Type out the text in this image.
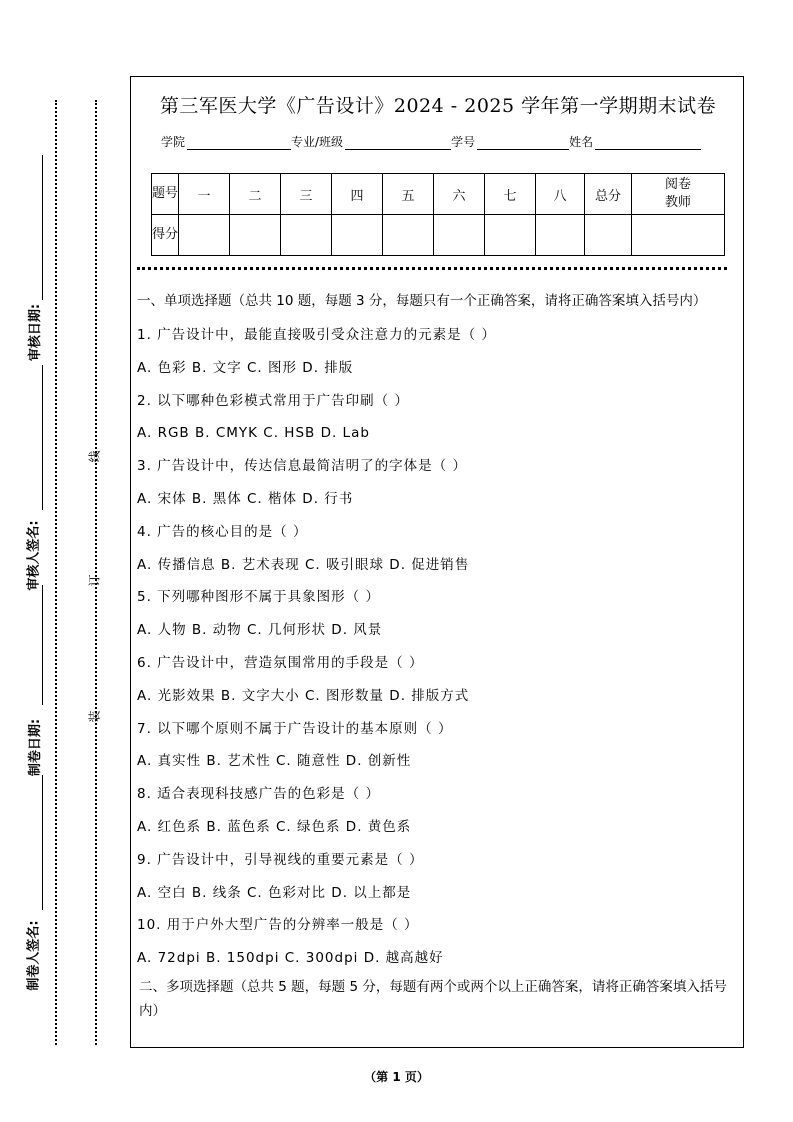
审核日期:
审核人签名:
制卷日期:
制卷人签名:
线
订
装
第三军医大学《广告设计》2024 - 2025 学年第一学期期末试卷
学院	专业/班级	学号	姓名
题号	一	二	三	四	五	六	七	八	总分	阅卷教师
得分										

一、单项选择题（总共 10 题，每题 3 分，每题只有一个正确答案，请将正确答案填入括号内）

1. 广告设计中，最能直接吸引受众注意力的元素是（ ）

A. 色彩 B. 文字 C. 图形 D. 排版

2. 以下哪种色彩模式常用于广告印刷（ ）

A. RGB B. CMYK C. HSB D. Lab

3. 广告设计中，传达信息最简洁明了的字体是（ ）

A. 宋体 B. 黑体 C. 楷体 D. 行书

4. 广告的核心目的是（ ）

A. 传播信息 B. 艺术表现 C. 吸引眼球 D. 促进销售

5. 下列哪种图形不属于具象图形（ ）

A. 人物 B. 动物 C. 几何形状 D. 风景

6. 广告设计中，营造氛围常用的手段是（ ）

A. 光影效果 B. 文字大小 C. 图形数量 D. 排版方式

7. 以下哪个原则不属于广告设计的基本原则（ ）

A. 真实性 B. 艺术性 C. 随意性 D. 创新性

8. 适合表现科技感广告的色彩是（ ）

A. 红色系 B. 蓝色系 C. 绿色系 D. 黄色系

9. 广告设计中，引导视线的重要元素是（ ）

A. 空白 B. 线条 C. 色彩对比 D. 以上都是

10. 用于户外大型广告的分辨率一般是（ ）

A. 72dpi B. 150dpi C. 300dpi D. 越高越好

二、多项选择题（总共 5 题，每题 5 分，每题有两个或两个以上正确答案，请将正确答案填入括号内）

（第 1 页）
